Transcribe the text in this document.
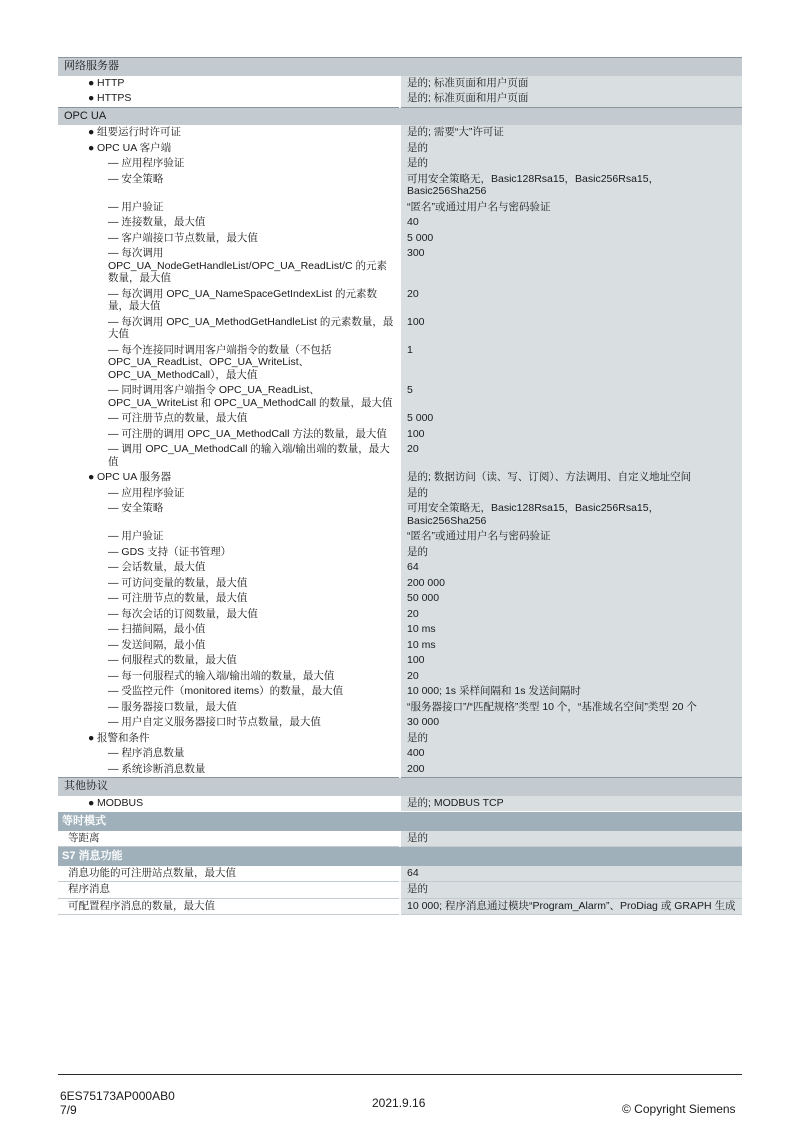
网络服务器	
● HTTP	是的; 标准页面和用户页面
● HTTPS	是的; 标准页面和用户页面
OPC UA	
● 组要运行时许可证	是的; 需要“大”许可证
● OPC UA 客户端	是的
— 应用程序验证	是的
— 安全策略	可用安全策略无，Basic128Rsa15，Basic256Rsa15，Basic256Sha256
— 用户验证	“匿名”或通过用户名与密码验证
— 连接数量，最大值	40
— 客户端接口节点数量，最大值	5 000
— 每次调用 OPC_UA_NodeGetHandleList/OPC_UA_ReadList/C 的元素数量，最大值	300
— 每次调用 OPC_UA_NameSpaceGetIndexList 的元素数量，最大值	20
— 每次调用 OPC_UA_MethodGetHandleList 的元素数量，最大值	100
— 每个连接同时调用客户端指令的数量（不包括 OPC_UA_ReadList、OPC_UA_WriteList、OPC_UA_MethodCall），最大值	1
— 同时调用客户端指令 OPC_UA_ReadList、OPC_UA_WriteList 和 OPC_UA_MethodCall 的数量，最大值	5
— 可注册节点的数量，最大值	5 000
— 可注册的调用 OPC_UA_MethodCall 方法的数量，最大值	100
— 调用 OPC_UA_MethodCall 的输入端/输出端的数量，最大值	20
● OPC UA 服务器	是的; 数据访问（读、写、订阅）、方法调用、自定义地址空间
— 应用程序验证	是的
— 安全策略	可用安全策略无，Basic128Rsa15，Basic256Rsa15，Basic256Sha256
— 用户验证	“匿名”或通过用户名与密码验证
— GDS 支持（证书管理）	是的
— 会话数量，最大值	64
— 可访问变量的数量，最大值	200 000
— 可注册节点的数量，最大值	50 000
— 每次会话的订阅数量，最大值	20
— 扫描间隔，最小值	10 ms
— 发送间隔，最小值	10 ms
— 伺服程式的数量，最大值	100
— 每一伺服程式的输入端/输出端的数量，最大值	20
— 受监控元件（monitored items）的数量，最大值	10 000; 1s 采样间隔和 1s 发送间隔时
— 服务器接口数量，最大值	“服务器接口”/“匹配规格”类型 10 个，“基准域名空间”类型 20 个
— 用户自定义服务器接口时节点数量，最大值	30 000
● 报警和条件	是的
— 程序消息数量	400
— 系统诊断消息数量	200
其他协议	
● MODBUS	是的; MODBUS TCP
等时模式	
等距离	是的
S7 消息功能	
消息功能的可注册站点数量，最大值	64
程序消息	是的
可配置程序消息的数量，最大值	10 000; 程序消息通过模块“Program_Alarm”、ProDiag 或 GRAPH 生成
6ES75173AP000AB0
7/9	2021.9.16	© Copyright Siemens
